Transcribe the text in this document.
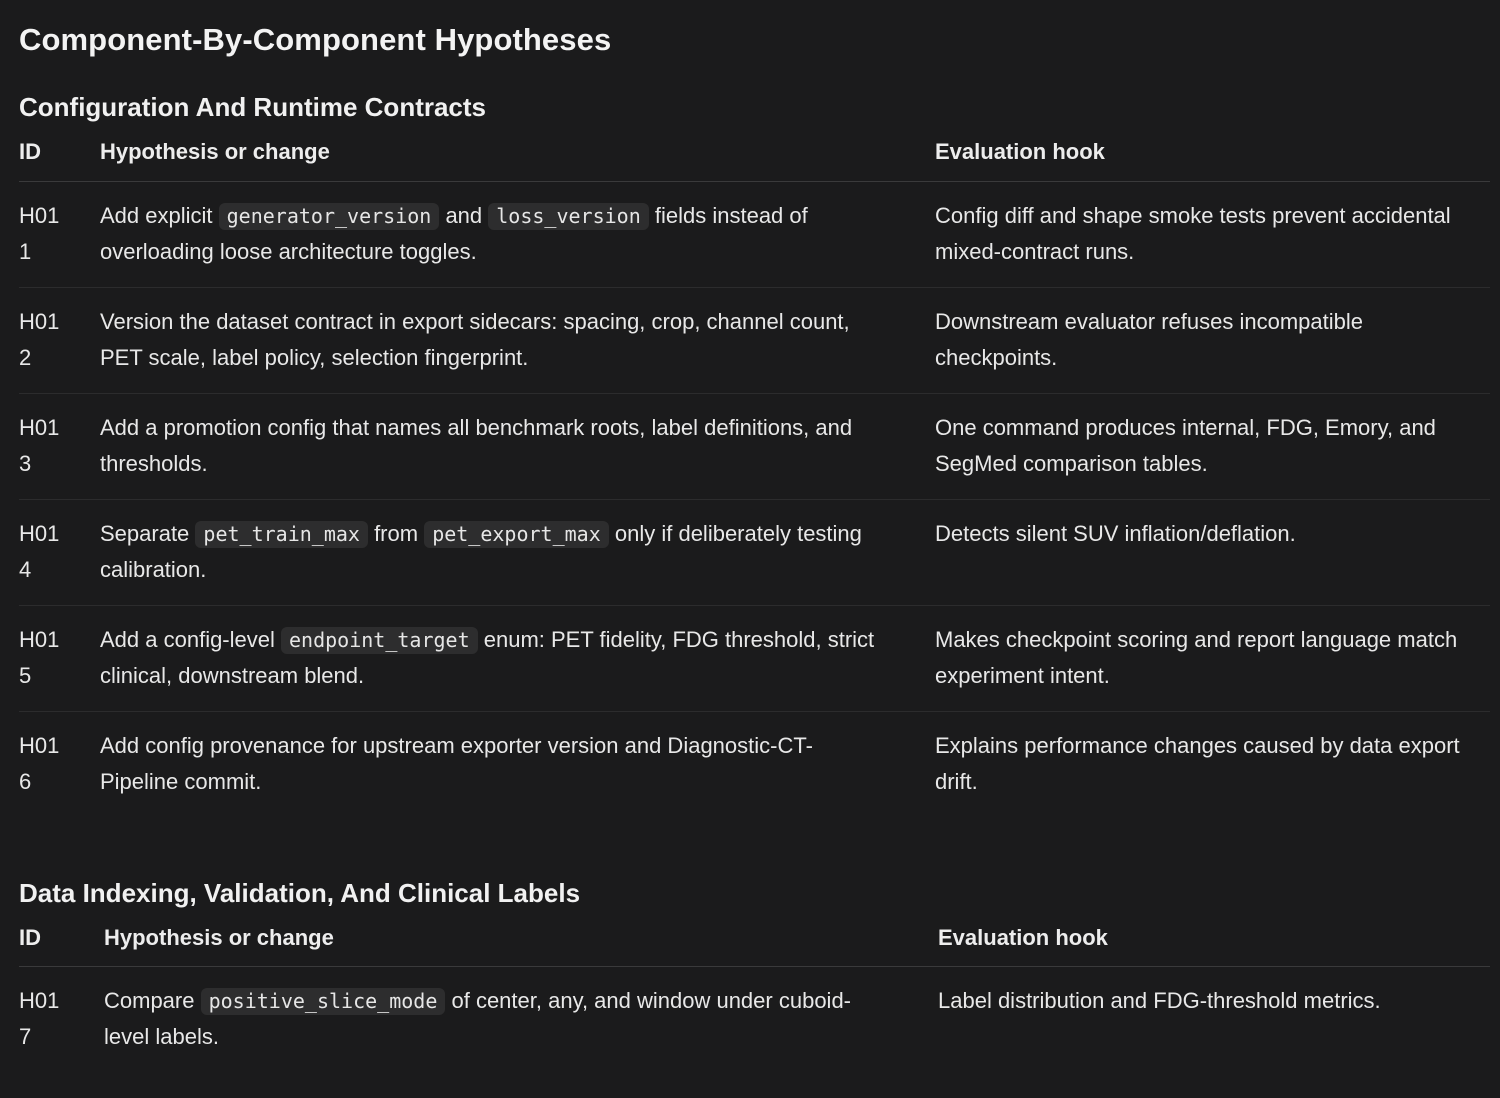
Component-By-Component Hypotheses
Configuration And Runtime Contracts
ID	Hypothesis or change	Evaluation hook

H011	Add explicit generator_version and loss_version fields instead of overloading loose architecture toggles.	Config diff and shape smoke tests prevent accidental mixed-contract runs.

H012	Version the dataset contract in export sidecars: spacing, crop, channel count, PET scale, label policy, selection fingerprint.	Downstream evaluator refuses incompatible checkpoints.

H013	Add a promotion config that names all benchmark roots, label definitions, and thresholds.	One command produces internal, FDG, Emory, and SegMed comparison tables.

H014	Separate pet_train_max from pet_export_max only if deliberately testing calibration.	Detects silent SUV inflation/deflation.

H015	Add a config-level endpoint_target enum: PET fidelity, FDG threshold, strict clinical, downstream blend.	Makes checkpoint scoring and report language match experiment intent.

H016	Add config provenance for upstream exporter version and Diagnostic-CT-Pipeline commit.	Explains performance changes caused by data export drift.
Data Indexing, Validation, And Clinical Labels
ID	Hypothesis or change	Evaluation hook

H017	Compare positive_slice_mode of center, any, and window under cuboid-level labels.	Label distribution and FDG-threshold metrics.
